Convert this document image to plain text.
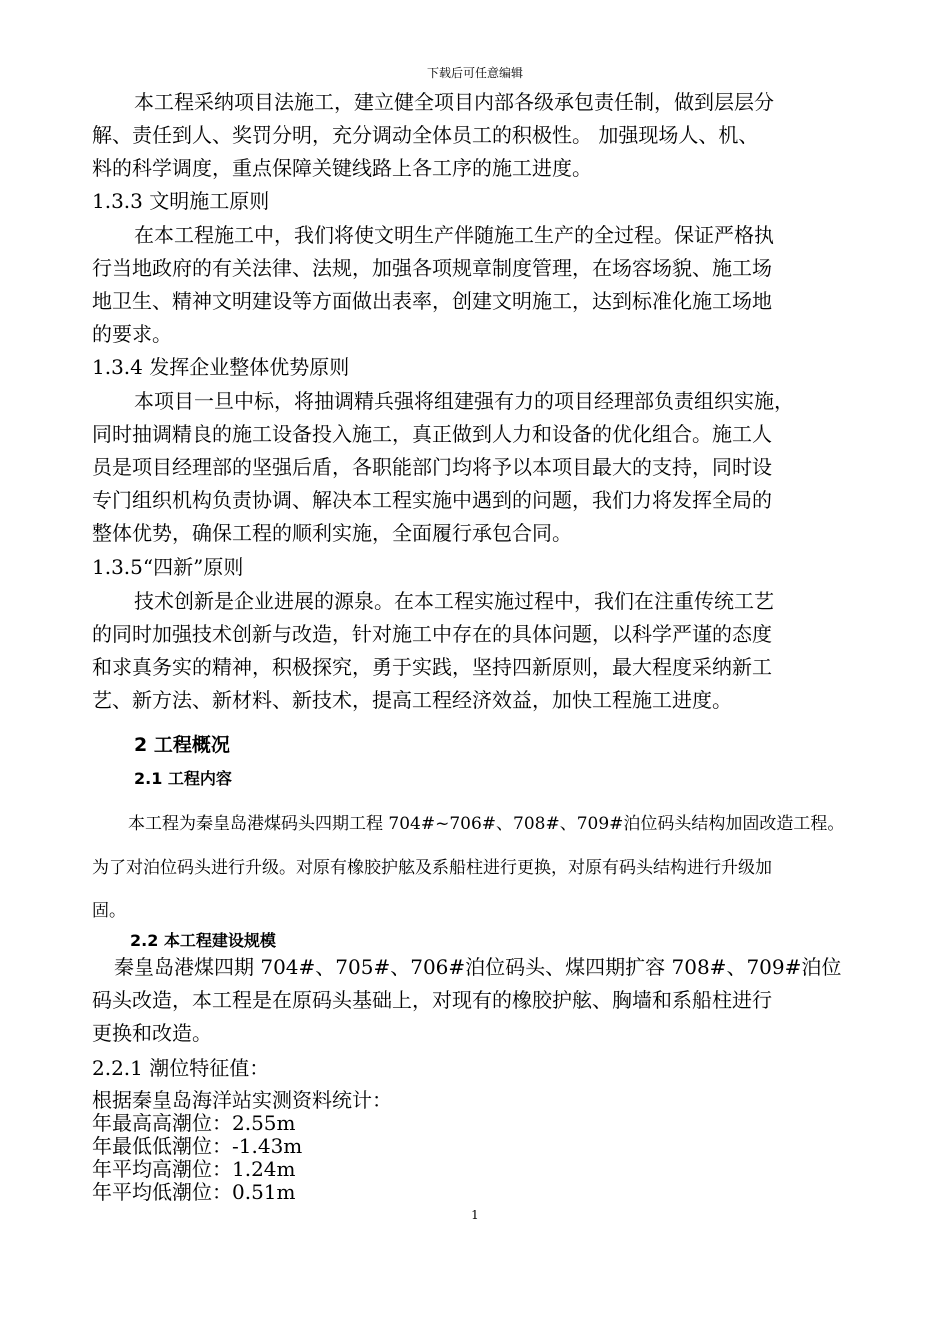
下载后可任意编辑
本工程采纳项目法施工，建立健全项目内部各级承包责任制，做到层层分
解、责任到人、奖罚分明，充分调动全体员工的积极性。 加强现场人、机、
料的科学调度，重点保障关键线路上各工序的施工进度。
1.3.3 文明施工原则
在本工程施工中，我们将使文明生产伴随施工生产的全过程。保证严格执
行当地政府的有关法律、法规，加强各项规章制度管理，在场容场貌、施工场
地卫生、精神文明建设等方面做出表率，创建文明施工，达到标准化施工场地
的要求。
1.3.4 发挥企业整体优势原则
本项目一旦中标，将抽调精兵强将组建强有力的项目经理部负责组织实施，
同时抽调精良的施工设备投入施工，真正做到人力和设备的优化组合。施工人
员是项目经理部的坚强后盾，各职能部门均将予以本项目最大的支持，同时设
专门组织机构负责协调、解决本工程实施中遇到的问题，我们力将发挥全局的
整体优势，确保工程的顺利实施，全面履行承包合同。
1.3.5“四新”原则
技术创新是企业进展的源泉。在本工程实施过程中，我们在注重传统工艺
的同时加强技术创新与改造，针对施工中存在的具体问题，以科学严谨的态度
和求真务实的精神，积极探究，勇于实践，坚持四新原则，最大程度采纳新工
艺、新方法、新材料、新技术，提高工程经济效益，加快工程施工进度。
2 工程概况
2.1 工程内容
本工程为秦皇岛港煤码头四期工程 704#~706#、708#、709#泊位码头结构加固改造工程。
为了对泊位码头进行升级。对原有橡胶护舷及系船柱进行更换，对原有码头结构进行升级加
固。
2.2 本工程建设规模
秦皇岛港煤四期 704#、705#、706#泊位码头、煤四期扩容 708#、709#泊位
码头改造，本工程是在原码头基础上，对现有的橡胶护舷、胸墙和系船柱进行
更换和改造。
2.2.1 潮位特征值：
根据秦皇岛海洋站实测资料统计：
年最高高潮位：2.55m
年最低低潮位：-1.43m
年平均高潮位：1.24m
年平均低潮位：0.51m
1
